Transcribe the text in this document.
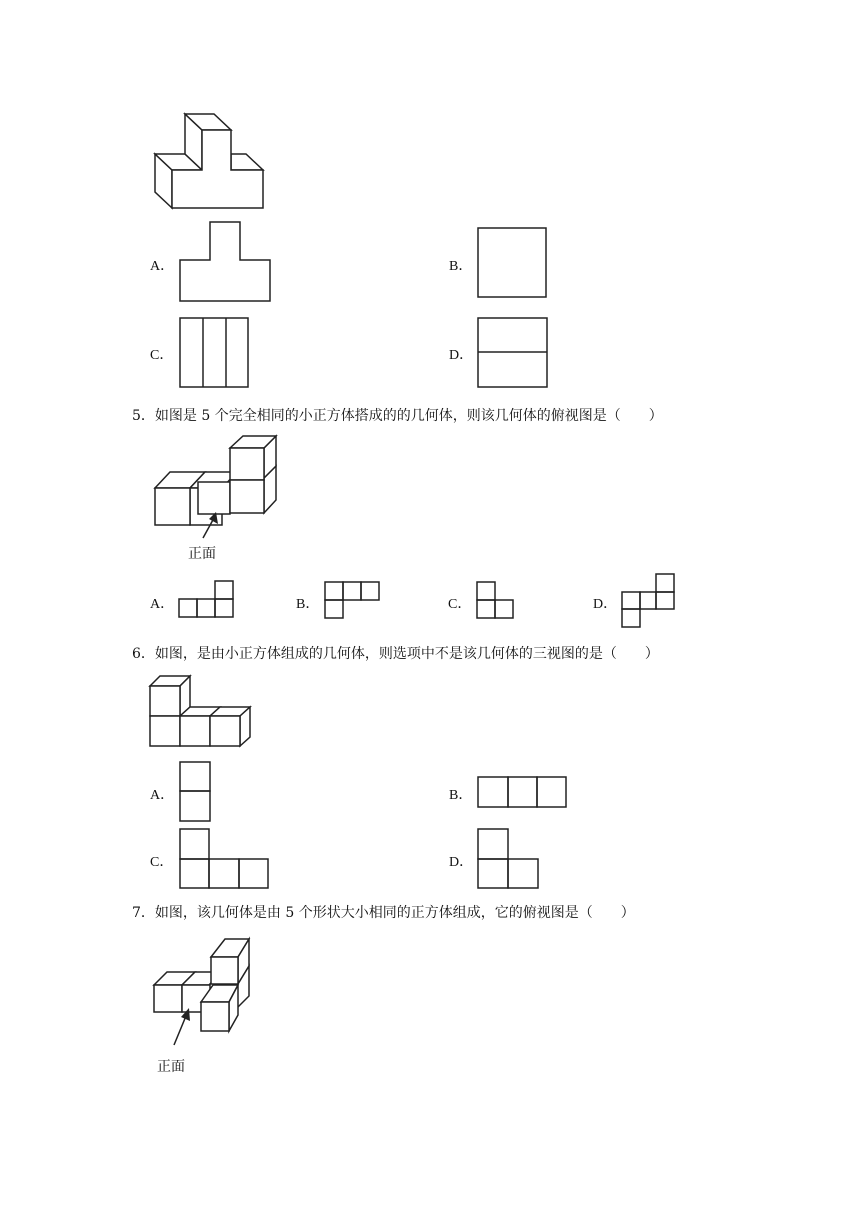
A．	B．
C．	D．
5．如图是 5 个完全相同的小正方体搭成的的几何体，则该几何体的俯视图是（　　）
正面
A．	B．	C．	D．
6．如图，是由小正方体组成的几何体，则选项中不是该几何体的三视图的是（　　）
A．	B．
C．	D．
7．如图，该几何体是由 5 个形状大小相同的正方体组成，它的俯视图是（　　）
正面
